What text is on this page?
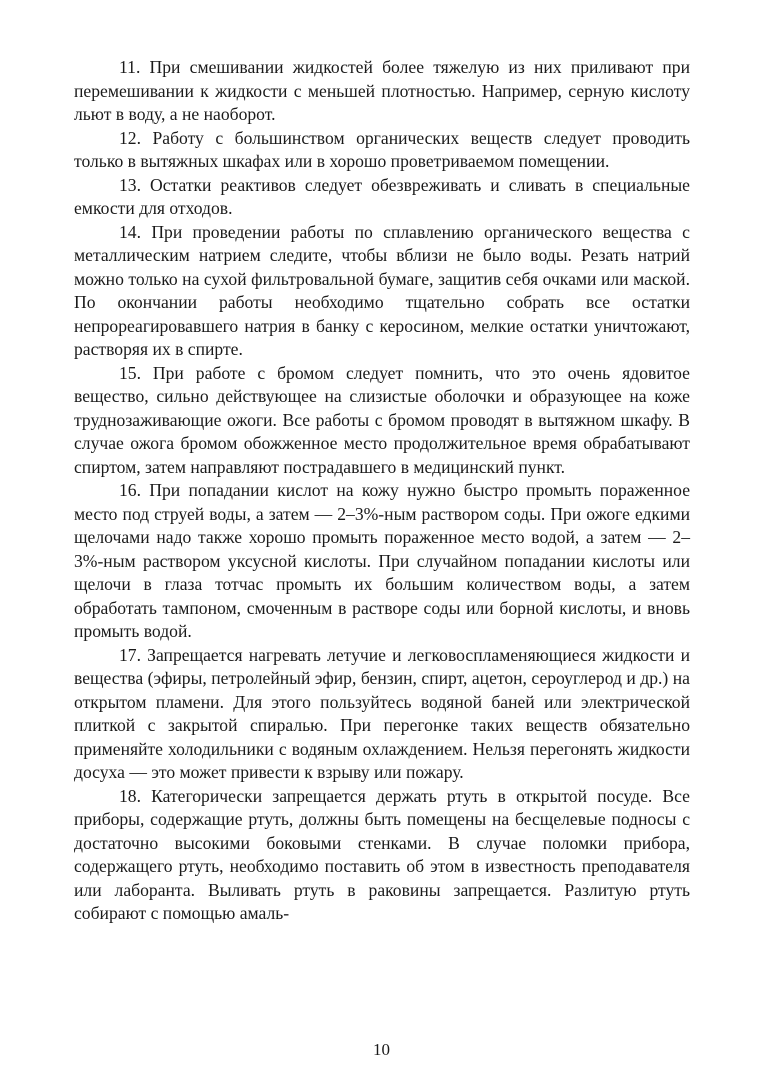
11. При смешивании жидкостей более тяжелую из них приливают при перемешивании к жидкости с меньшей плотностью. Например, серную кислоту льют в воду, а не наоборот.

12. Работу с большинством органических веществ следует проводить только в вытяжных шкафах или в хорошо проветриваемом помещении.

13. Остатки реактивов следует обезвреживать и сливать в специальные емкости для отходов.

14. При проведении работы по сплавлению органического вещества с металлическим натрием следите, чтобы вблизи не было воды. Резать натрий можно только на сухой фильтровальной бумаге, защитив себя очками или маской. По окончании работы необходимо тщательно собрать все остатки непрореагировавшего натрия в банку с керосином, мелкие остатки уничтожают, растворяя их в спирте.

15. При работе с бромом следует помнить, что это очень ядовитое вещество, сильно действующее на слизистые оболочки и образующее на коже труднозаживающие ожоги. Все работы с бромом проводят в вытяжном шкафу. В случае ожога бромом обожженное место продолжительное время обрабатывают спиртом, затем направляют пострадавшего в медицинский пункт.

16. При попадании кислот на кожу нужно быстро промыть пораженное место под струей воды, а затем — 2–3%-ным раствором соды. При ожоге едкими щелочами надо также хорошо промыть пораженное место водой, а затем — 2–3%-ным раствором уксусной кислоты. При случайном попадании кислоты или щелочи в глаза тотчас промыть их большим количеством воды, а затем обработать тампоном, смоченным в растворе соды или борной кислоты, и вновь промыть водой.

17. Запрещается нагревать летучие и легковоспламеняющиеся жидкости и вещества (эфиры, петролейный эфир, бензин, спирт, ацетон, сероуглерод и др.) на открытом пламени. Для этого пользуйтесь водяной баней или электрической плиткой с закрытой спиралью. При перегонке таких веществ обязательно применяйте холодильники с водяным охлаждением. Нельзя перегонять жидкости досуха — это может привести к взрыву или пожару.

18. Категорически запрещается держать ртуть в открытой посуде. Все приборы, содержащие ртуть, должны быть помещены на бесщелевые подносы с достаточно высокими боковыми стенками. В случае поломки прибора, содержащего ртуть, необходимо поставить об этом в известность преподавателя или лаборанта. Выливать ртуть в раковины запрещается. Разлитую ртуть собирают с помощью амаль-

10
